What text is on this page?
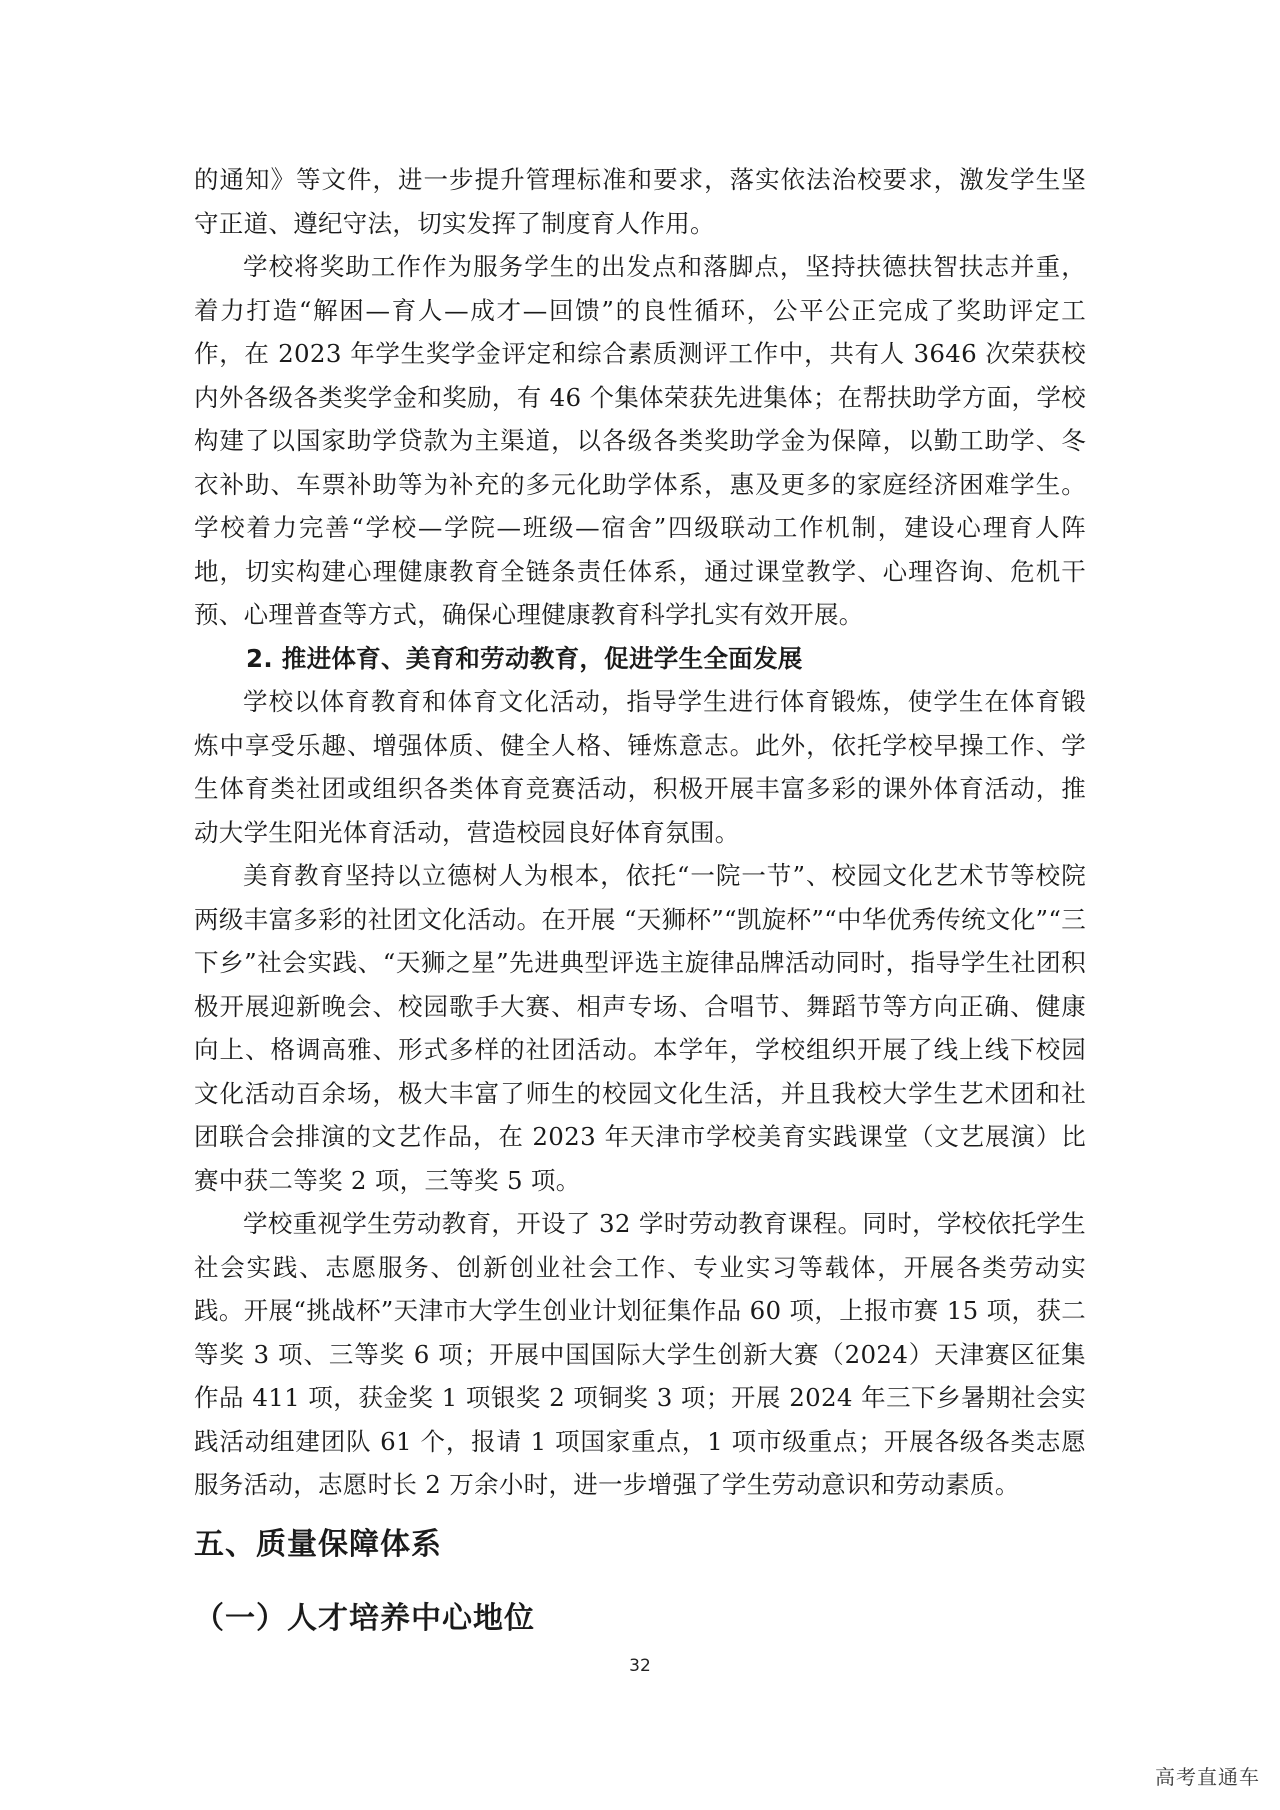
的通知》等文件，进一步提升管理标准和要求，落实依法治校要求，激发学生坚守正道、遵纪守法，切实发挥了制度育人作用。

学校将奖助工作作为服务学生的出发点和落脚点，坚持扶德扶智扶志并重，着力打造“解困—育人—成才—回馈”的良性循环，公平公正完成了奖助评定工作，在 2023 年学生奖学金评定和综合素质测评工作中，共有人 3646 次荣获校内外各级各类奖学金和奖励，有 46 个集体荣获先进集体；在帮扶助学方面，学校构建了以国家助学贷款为主渠道，以各级各类奖助学金为保障，以勤工助学、冬衣补助、车票补助等为补充的多元化助学体系，惠及更多的家庭经济困难学生。学校着力完善“学校—学院—班级—宿舍”四级联动工作机制，建设心理育人阵地，切实构建心理健康教育全链条责任体系，通过课堂教学、心理咨询、危机干预、心理普查等方式，确保心理健康教育科学扎实有效开展。

2. 推进体育、美育和劳动教育，促进学生全面发展

学校以体育教育和体育文化活动，指导学生进行体育锻炼，使学生在体育锻炼中享受乐趣、增强体质、健全人格、锤炼意志。此外，依托学校早操工作、学生体育类社团或组织各类体育竞赛活动，积极开展丰富多彩的课外体育活动，推动大学生阳光体育活动，营造校园良好体育氛围。

美育教育坚持以立德树人为根本，依托“一院一节”、校园文化艺术节等校院两级丰富多彩的社团文化活动。在开展 “天狮杯”“凯旋杯”“中华优秀传统文化”“三下乡”社会实践、“天狮之星”先进典型评选主旋律品牌活动同时，指导学生社团积极开展迎新晚会、校园歌手大赛、相声专场、合唱节、舞蹈节等方向正确、健康向上、格调高雅、形式多样的社团活动。本学年，学校组织开展了线上线下校园文化活动百余场，极大丰富了师生的校园文化生活，并且我校大学生艺术团和社团联合会排演的文艺作品，在 2023 年天津市学校美育实践课堂（文艺展演）比赛中获二等奖 2 项，三等奖 5 项。

学校重视学生劳动教育，开设了 32 学时劳动教育课程。同时，学校依托学生社会实践、志愿服务、创新创业社会工作、专业实习等载体，开展各类劳动实践。开展“挑战杯”天津市大学生创业计划征集作品 60 项，上报市赛 15 项，获二等奖 3 项、三等奖 6 项；开展中国国际大学生创新大赛（2024）天津赛区征集作品 411 项，获金奖 1 项银奖 2 项铜奖 3 项；开展 2024 年三下乡暑期社会实践活动组建团队 61 个，报请 1 项国家重点，1 项市级重点；开展各级各类志愿服务活动，志愿时长 2 万余小时，进一步增强了学生劳动意识和劳动素质。

五、质量保障体系
（一）人才培养中心地位
32
高考直通车
